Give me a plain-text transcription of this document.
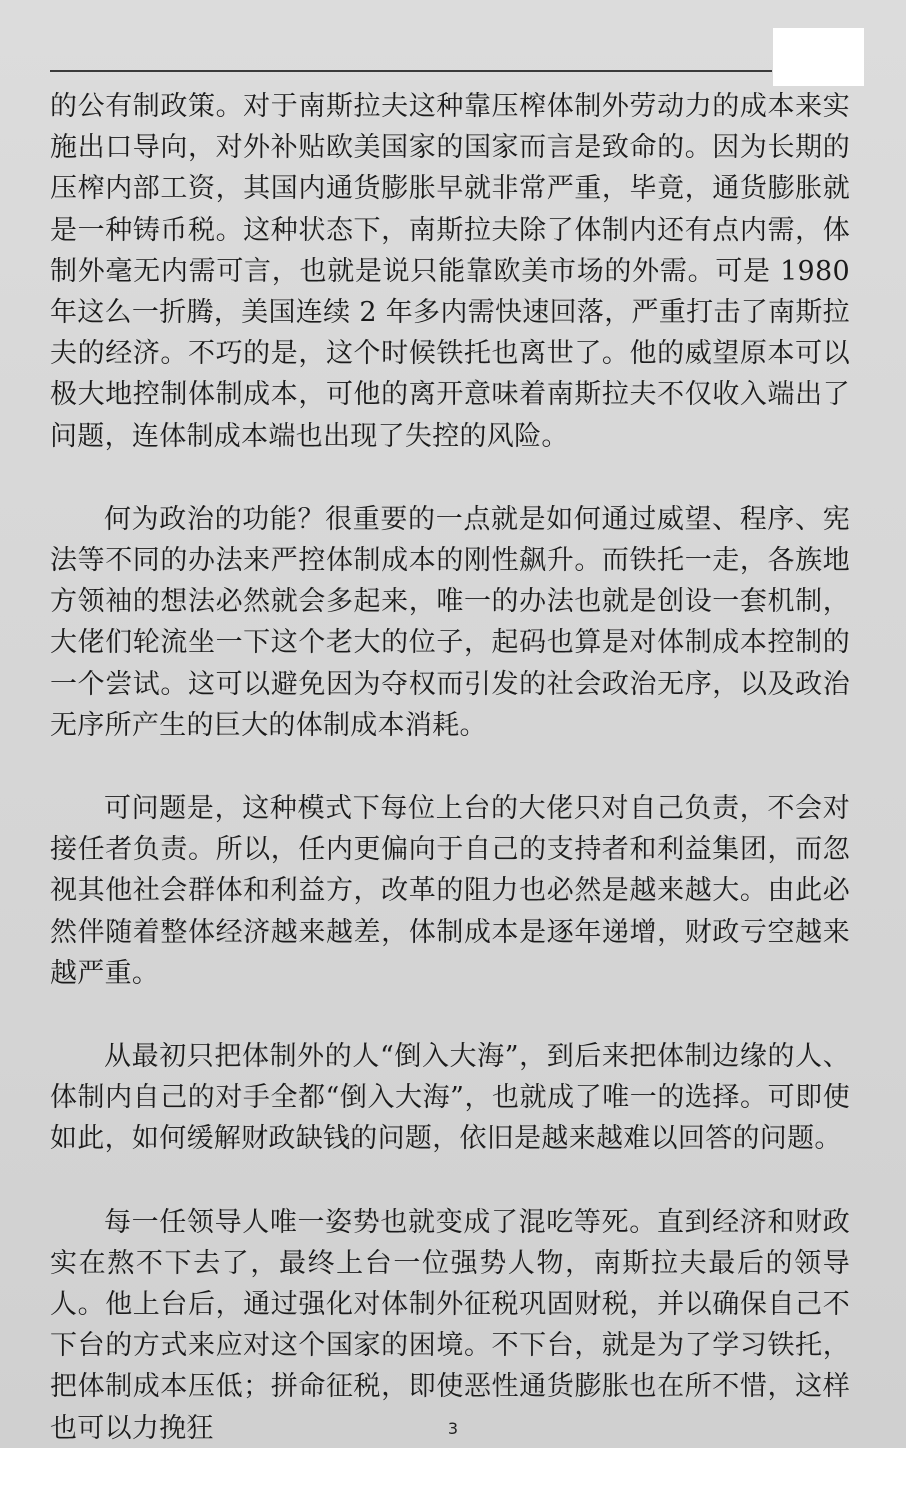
的公有制政策。对于南斯拉夫这种靠压榨体制外劳动力的成本来实施出口导向，对外补贴欧美国家的国家而言是致命的。因为长期的压榨内部工资，其国内通货膨胀早就非常严重，毕竟，通货膨胀就是一种铸币税。这种状态下，南斯拉夫除了体制内还有点内需，体制外毫无内需可言，也就是说只能靠欧美市场的外需。可是 1980 年这么一折腾，美国连续 2 年多内需快速回落，严重打击了南斯拉夫的经济。不巧的是，这个时候铁托也离世了。他的威望原本可以极大地控制体制成本，可他的离开意味着南斯拉夫不仅收入端出了问题，连体制成本端也出现了失控的风险。

何为政治的功能？很重要的一点就是如何通过威望、程序、宪法等不同的办法来严控体制成本的刚性飙升。而铁托一走，各族地方领袖的想法必然就会多起来，唯一的办法也就是创设一套机制，大佬们轮流坐一下这个老大的位子，起码也算是对体制成本控制的一个尝试。这可以避免因为夺权而引发的社会政治无序，以及政治无序所产生的巨大的体制成本消耗。

可问题是，这种模式下每位上台的大佬只对自己负责，不会对接任者负责。所以，任内更偏向于自己的支持者和利益集团，而忽视其他社会群体和利益方，改革的阻力也必然是越来越大。由此必然伴随着整体经济越来越差，体制成本是逐年递增，财政亏空越来越严重。

从最初只把体制外的人“倒入大海”，到后来把体制边缘的人、体制内自己的对手全都“倒入大海”，也就成了唯一的选择。可即使如此，如何缓解财政缺钱的问题，依旧是越来越难以回答的问题。

每一任领导人唯一姿势也就变成了混吃等死。直到经济和财政实在熬不下去了，最终上台一位强势人物，南斯拉夫最后的领导人。他上台后，通过强化对体制外征税巩固财税，并以确保自己不下台的方式来应对这个国家的困境。不下台，就是为了学习铁托，把体制成本压低；拼命征税，即使恶性通货膨胀也在所不惜，这样也可以力挽狂	3
